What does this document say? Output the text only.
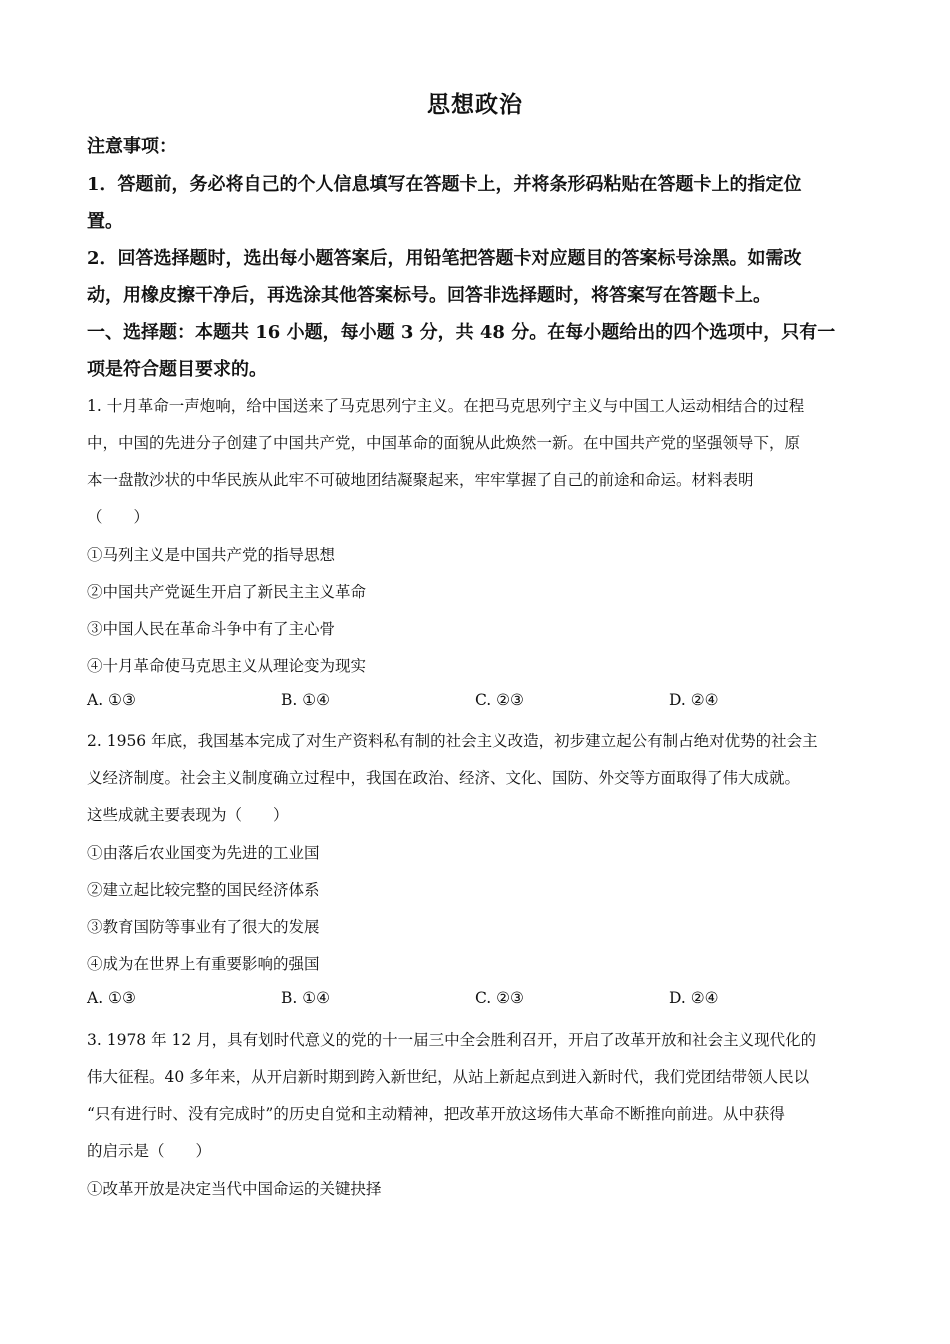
思想政治
注意事项：
1．答题前，务必将自己的个人信息填写在答题卡上，并将条形码粘贴在答题卡上的指定位
置。
2．回答选择题时，选出每小题答案后，用铅笔把答题卡对应题目的答案标号涂黑。如需改
动，用橡皮擦干净后，再选涂其他答案标号。回答非选择题时，将答案写在答题卡上。
一、选择题：本题共 16 小题，每小题 3 分，共 48 分。在每小题给出的四个选项中，只有一
项是符合题目要求的。
1. 十月革命一声炮响，给中国送来了马克思列宁主义。在把马克思列宁主义与中国工人运动相结合的过程
中，中国的先进分子创建了中国共产党，中国革命的面貌从此焕然一新。在中国共产党的坚强领导下，原
本一盘散沙状的中华民族从此牢不可破地团结凝聚起来，牢牢掌握了自己的前途和命运。材料表明
（　　）
①马列主义是中国共产党的指导思想
②中国共产党诞生开启了新民主主义革命
③中国人民在革命斗争中有了主心骨
④十月革命使马克思主义从理论变为现实
A. ①③	B. ①④	C. ②③	D. ②④
2. 1956 年底，我国基本完成了对生产资料私有制的社会主义改造，初步建立起公有制占绝对优势的社会主
义经济制度。社会主义制度确立过程中，我国在政治、经济、文化、国防、外交等方面取得了伟大成就。
这些成就主要表现为（　　）
①由落后农业国变为先进的工业国
②建立起比较完整的国民经济体系
③教育国防等事业有了很大的发展
④成为在世界上有重要影响的强国
A. ①③	B. ①④	C. ②③	D. ②④
3. 1978 年 12 月，具有划时代意义的党的十一届三中全会胜利召开，开启了改革开放和社会主义现代化的
伟大征程。40 多年来，从开启新时期到跨入新世纪，从站上新起点到进入新时代，我们党团结带领人民以
“只有进行时、没有完成时”的历史自觉和主动精神，把改革开放这场伟大革命不断推向前进。从中获得
的启示是（　　）
①改革开放是决定当代中国命运的关键抉择
